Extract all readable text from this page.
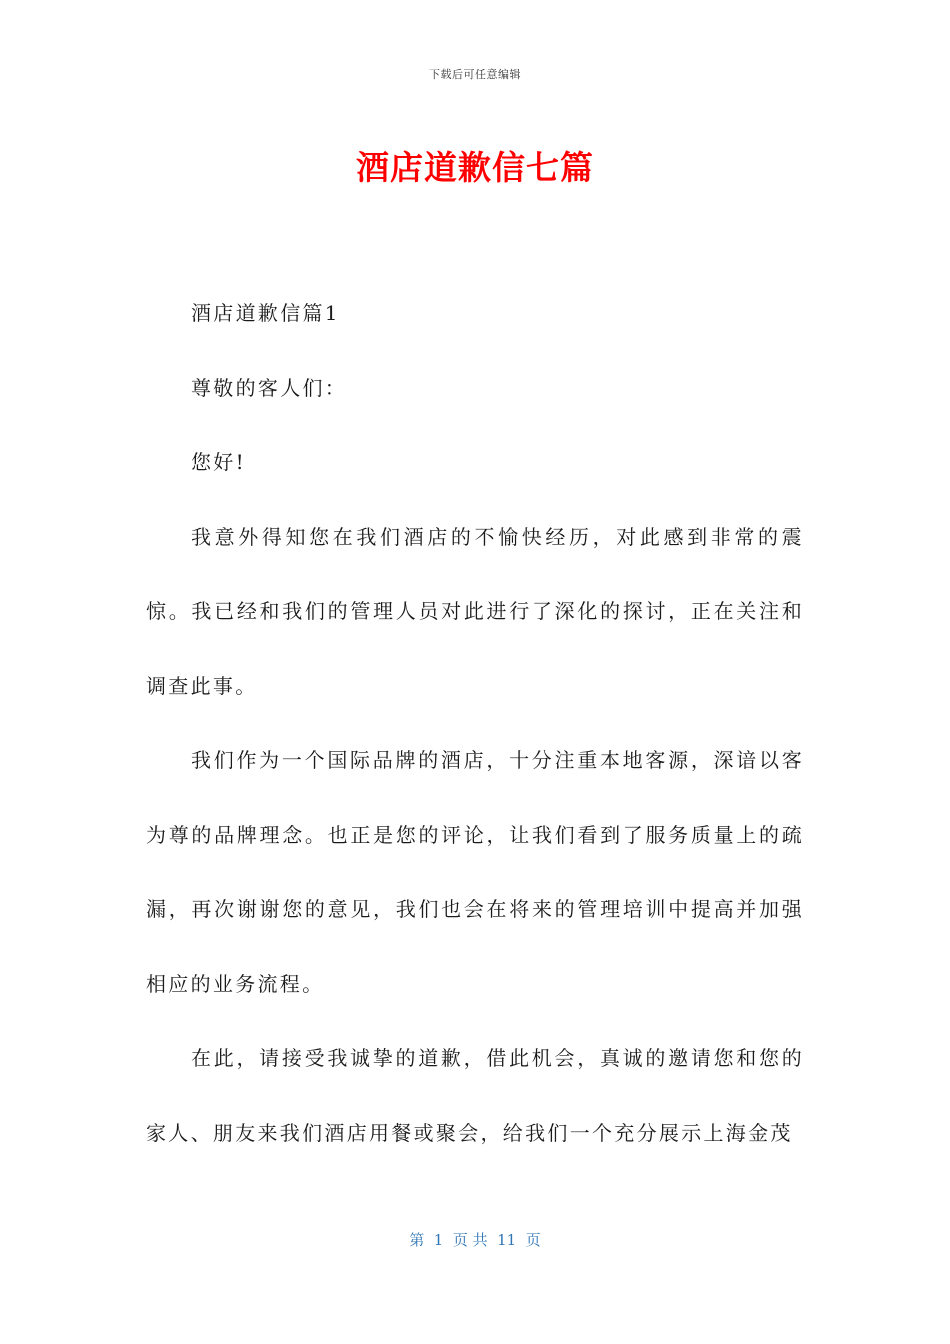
下载后可任意编辑
酒店道歉信七篇

酒店道歉信篇1

尊敬的客人们：

您好!

我意外得知您在我们酒店的不愉快经历，对此感到非常的震惊。我已经和我们的管理人员对此进行了深化的探讨，正在关注和调查此事。

我们作为一个国际品牌的酒店，十分注重本地客源，深谙以客为尊的品牌理念。也正是您的评论，让我们看到了服务质量上的疏漏，再次谢谢您的意见，我们也会在将来的管理培训中提高并加强相应的业务流程。

在此，请接受我诚挚的道歉，借此机会，真诚的邀请您和您的家人、朋友来我们酒店用餐或聚会，给我们一个充分展示上海金茂

第  1  页 共  11  页
